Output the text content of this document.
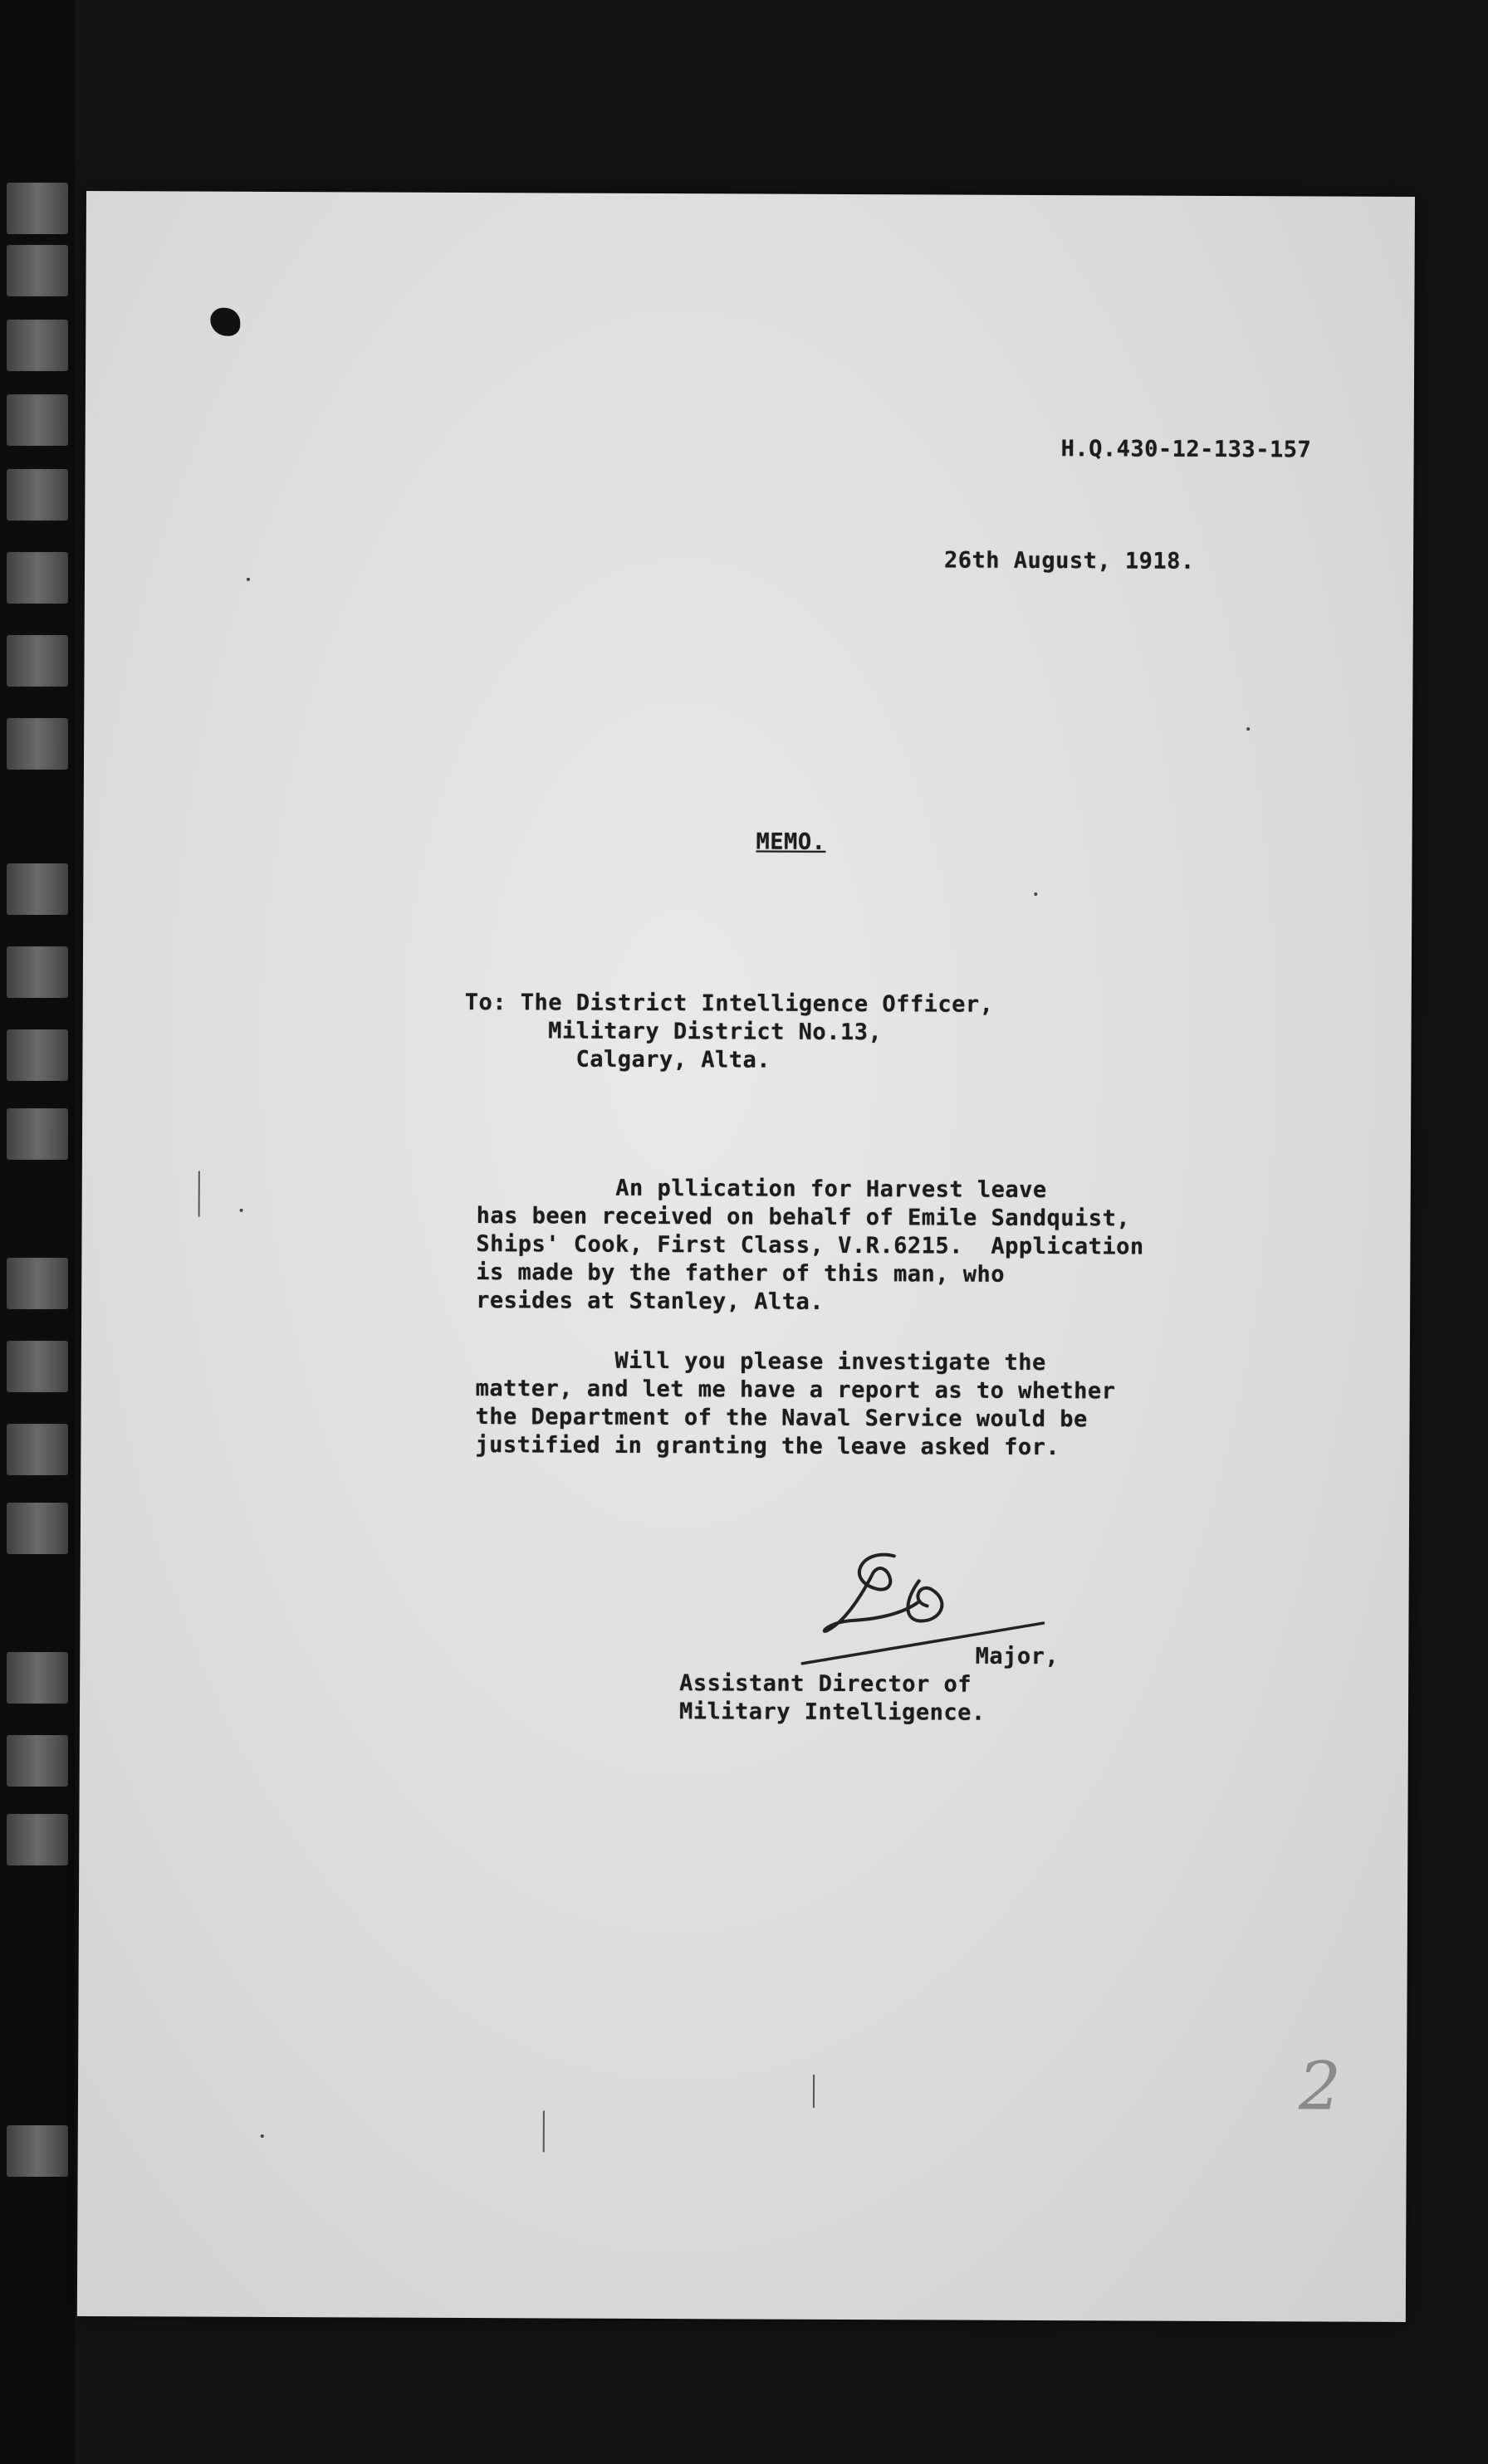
H.Q.430-12-133-157
26th August, 1918.
MEMO.
To: The District Intelligence Officer,
Military District No.13,
Calgary, Alta.
An pllication for Harvest leave
has been received on behalf of Emile Sandquist,
Ships' Cook, First Class, V.R.6215.  Application
is made by the father of this man, who
resides at Stanley, Alta.
Will you please investigate the
matter, and let me have a report as to whether
the Department of the Naval Service would be
justified in granting the leave asked for.
Major,
Assistant Director of
Military Intelligence.
2
